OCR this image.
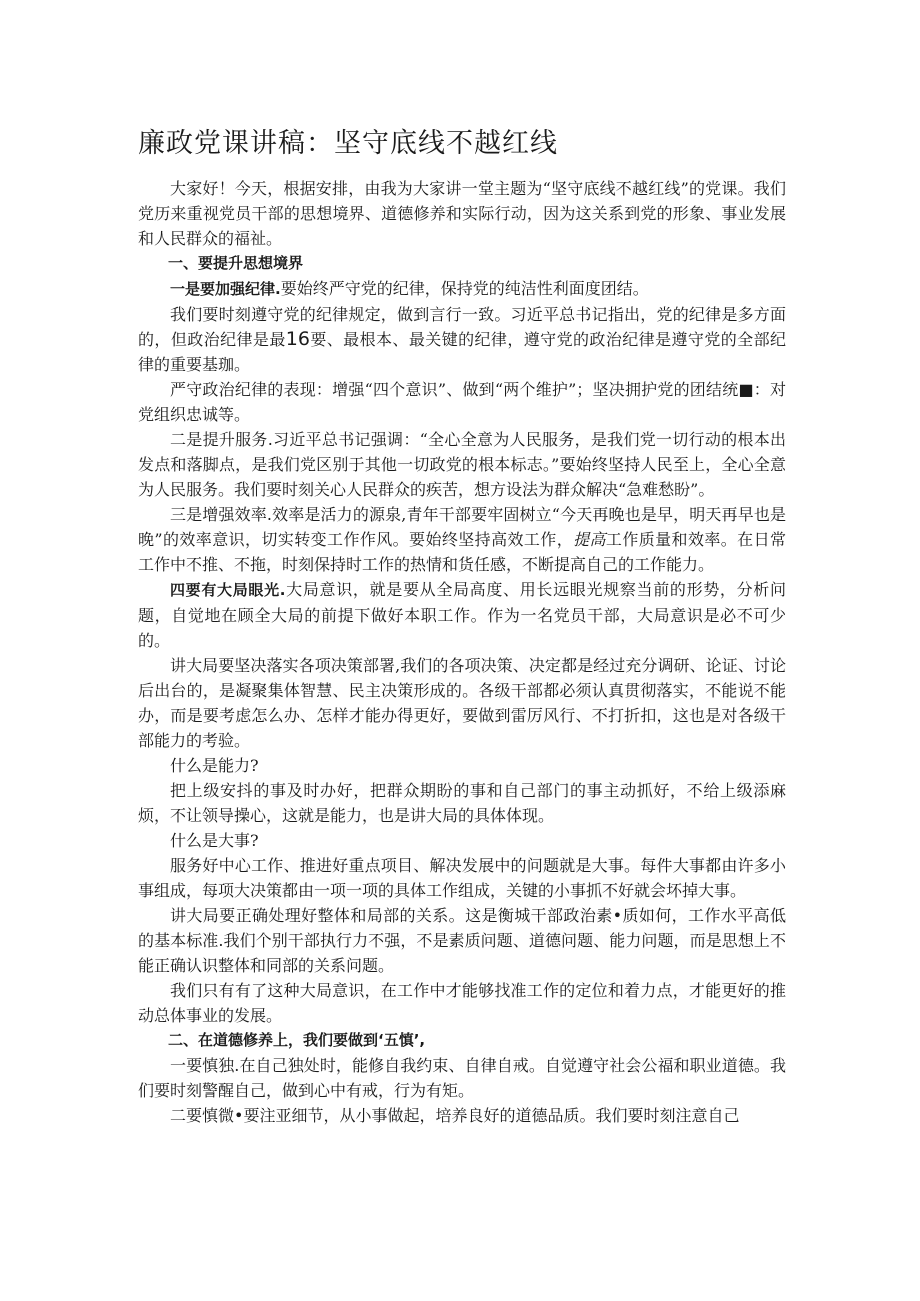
廉政党课讲稿：坚守底线不越红线

大家好！今天，根据安排，由我为大家讲一堂主题为“坚守底线不越红线”的党课。我们党历来重视党员干部的思想境界、道德修养和实际行动，因为这关系到党的形象、事业发展和人民群众的福祉。

一、要提升思想境界

一是要加强纪律.要始终严守党的纪律，保持党的纯洁性利面度团结。

我们要时刻遵守党的纪律规定，做到言行一致。习近平总书记指出，党的纪律是多方面的，但政治纪律是最16要、最根本、最关键的纪律，遵守党的政治纪律是遵守党的全部纪律的重要基珈。

严守政治纪律的表现：增强“四个意识”、做到“两个维护”；坚决拥护党的团结统■：对党组织忠诚等。

二是提升服务.习近平总书记强调：“全心全意为人民服务，是我们党一切行动的根本出发点和落脚点，是我们党区别于其他一切政党的根本标志。”要始终坚持人民至上，全心全意为人民服务。我们要时刻关心人民群众的疾苦，想方设法为群众解决“急难愁盼”。

三是增强效率.效率是活力的源泉,青年干部要牢固树立“今天再晚也是早，明天再早也是晚”的效率意识，切实转变工作作风。要始终坚持高效工作，提高工作质量和效率。在日常工作中不推、不拖，时刻保持时工作的热情和货任感，不断提高自己的工作能力。

四要有大局眼光.大局意识，就是要从全局高度、用长远眼光规察当前的形势，分析问题，自觉地在顾全大局的前提下做好本职工作。作为一名党员干部，大局意识是必不可少的。

讲大局要坚决落实各项决策部署,我们的各项决策、决定都是经过充分调研、论证、讨论后出台的，是凝聚集体智慧、民主决策形成的。各级干部都必须认真贯彻落实，不能说不能办，而是要考虑怎么办、怎样才能办得更好，要做到雷厉风行、不打折扣，这也是对各级干部能力的考验。

什么是能力?

把上级安抖的事及时办好，把群众期盼的事和自己部门的事主动抓好，不给上级添麻烦，不让领导操心，这就是能力，也是讲大局的具体体现。

什么是大事?

服务好中心工作、推进好重点项目、解决发展中的问题就是大事。每件大事都由许多小事组成，每项大决策都由一项一项的具体工作组成，关键的小事抓不好就会坏掉大事。

讲大局要正确处理好整体和局部的关系。这是衡城干部政治素•质如何，工作水平高低的基本标准.我们个别干部执行力不强，不是素质问题、道德问题、能力问题，而是思想上不能正确认识整体和同部的关系问题。

我们只有有了这种大局意识，在工作中才能够找准工作的定位和着力点，才能更好的推动总体事业的发展。

二、在道德修养上，我们要做到‘五慎’,

一要慎独.在自己独处时，能修自我约束、自律自戒。自觉遵守社会公福和职业道德。我们要时刻警醒自己，做到心中有戒，行为有矩。

二要慎微•要注亚细节，从小事做起，培养良好的道德品质。我们要时刻注意自己
